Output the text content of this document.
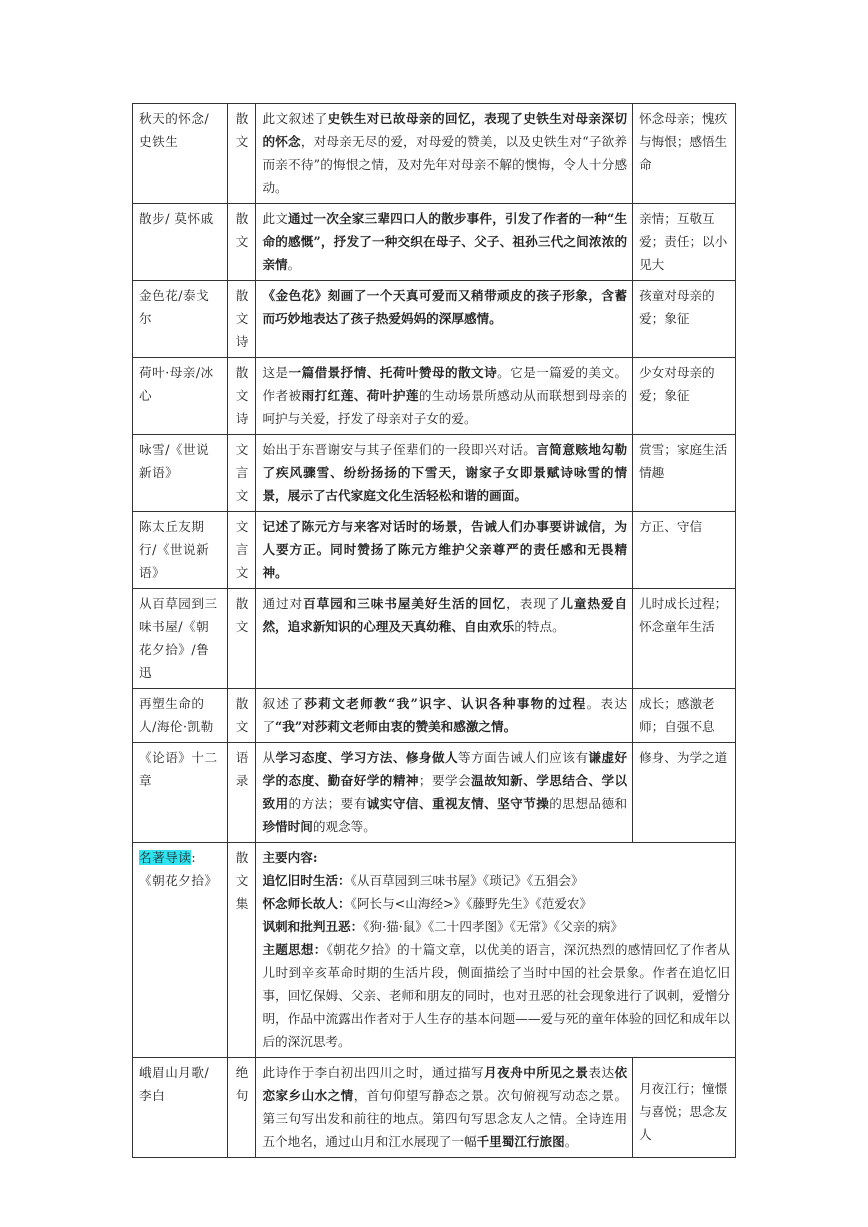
秋天的怀念/史铁生	散文	此文叙述了史铁生对已故母亲的回忆，表现了史铁生对母亲深切的怀念，对母亲无尽的爱，对母爱的赞美，以及史铁生对“子欲养而亲不待”的悔恨之情，及对先年对母亲不解的懊悔，令人十分感动。	怀念母亲；愧疚与悔恨；感悟生命
散步/ 莫怀戚	散文	此文通过一次全家三辈四口人的散步事件，引发了作者的一种“生命的感慨”，抒发了一种交织在母子、父子、祖孙三代之间浓浓的亲情。	亲情；互敬互爱；责任；以小见大
金色花/泰戈尔	散文诗	《金色花》刻画了一个天真可爱而又稍带顽皮的孩子形象，含蓄而巧妙地表达了孩子热爱妈妈的深厚感情。	孩童对母亲的爱；象征
荷叶·母亲/冰心	散文诗	这是一篇借景抒情、托荷叶赞母的散文诗。它是一篇爱的美文。作者被雨打红莲、荷叶护莲的生动场景所感动从而联想到母亲的呵护与关爱，抒发了母亲对子女的爱。	少女对母亲的爱；象征
咏雪/《世说新语》	文言文	始出于东晋谢安与其子侄辈们的一段即兴对话。言简意赅地勾勒了疾风骤雪、纷纷扬扬的下雪天，谢家子女即景赋诗咏雪的情景，展示了古代家庭文化生活轻松和谐的画面。	赏雪；家庭生活情趣
陈太丘友期行/《世说新语》	文言文	记述了陈元方与来客对话时的场景，告诫人们办事要讲诚信，为人要方正。同时赞扬了陈元方维护父亲尊严的责任感和无畏精神。	方正、守信
从百草园到三味书屋/《朝花夕拾》/鲁迅	散文	通过对百草园和三味书屋美好生活的回忆，表现了儿童热爱自然，追求新知识的心理及天真幼稚、自由欢乐的特点。	儿时成长过程；怀念童年生活
再塑生命的人/海伦·凯勒	散文	叙述了莎莉文老师教“我”识字、认识各种事物的过程。表达了“我”对莎莉文老师由衷的赞美和感激之情。	成长；感激老师；自强不息
《论语》十二章	语录	从学习态度、学习方法、修身做人等方面告诫人们应该有谦虚好学的态度、勤奋好学的精神；要学会温故知新、学思结合、学以致用的方法；要有诚实守信、重视友情、坚守节操的思想品德和珍惜时间的观念等。	修身、为学之道
名著导读:《朝花夕拾》	散文集	主要内容:
追忆旧时生活：《从百草园到三味书屋》《琐记》《五猖会》
怀念师长故人：《阿长与<山海经>》《藤野先生》《范爱农》
讽刺和批判丑恶：《狗·猫·鼠》《二十四孝图》《无常》《父亲的病》
主题思想：《朝花夕拾》的十篇文章，以优美的语言，深沉热烈的感情回忆了作者从儿时到辛亥革命时期的生活片段，侧面描绘了当时中国的社会景象。作者在追忆旧事，回忆保姆、父亲、老师和朋友的同时，也对丑恶的社会现象进行了讽刺，爱憎分明，作品中流露出作者对于人生存的基本问题——爱与死的童年体验的回忆和成年以后的深沉思考。	

峨眉山月歌/李白	绝句	此诗作于李白初出四川之时，通过描写月夜舟中所见之景表达依恋家乡山水之情，首句仰望写静态之景。次句俯视写动态之景。第三句写出发和前往的地点。第四句写思念友人之情。全诗连用五个地名，通过山月和江水展现了一幅千里蜀江行旅图。	月夜江行；憧憬与喜悦；思念友人
